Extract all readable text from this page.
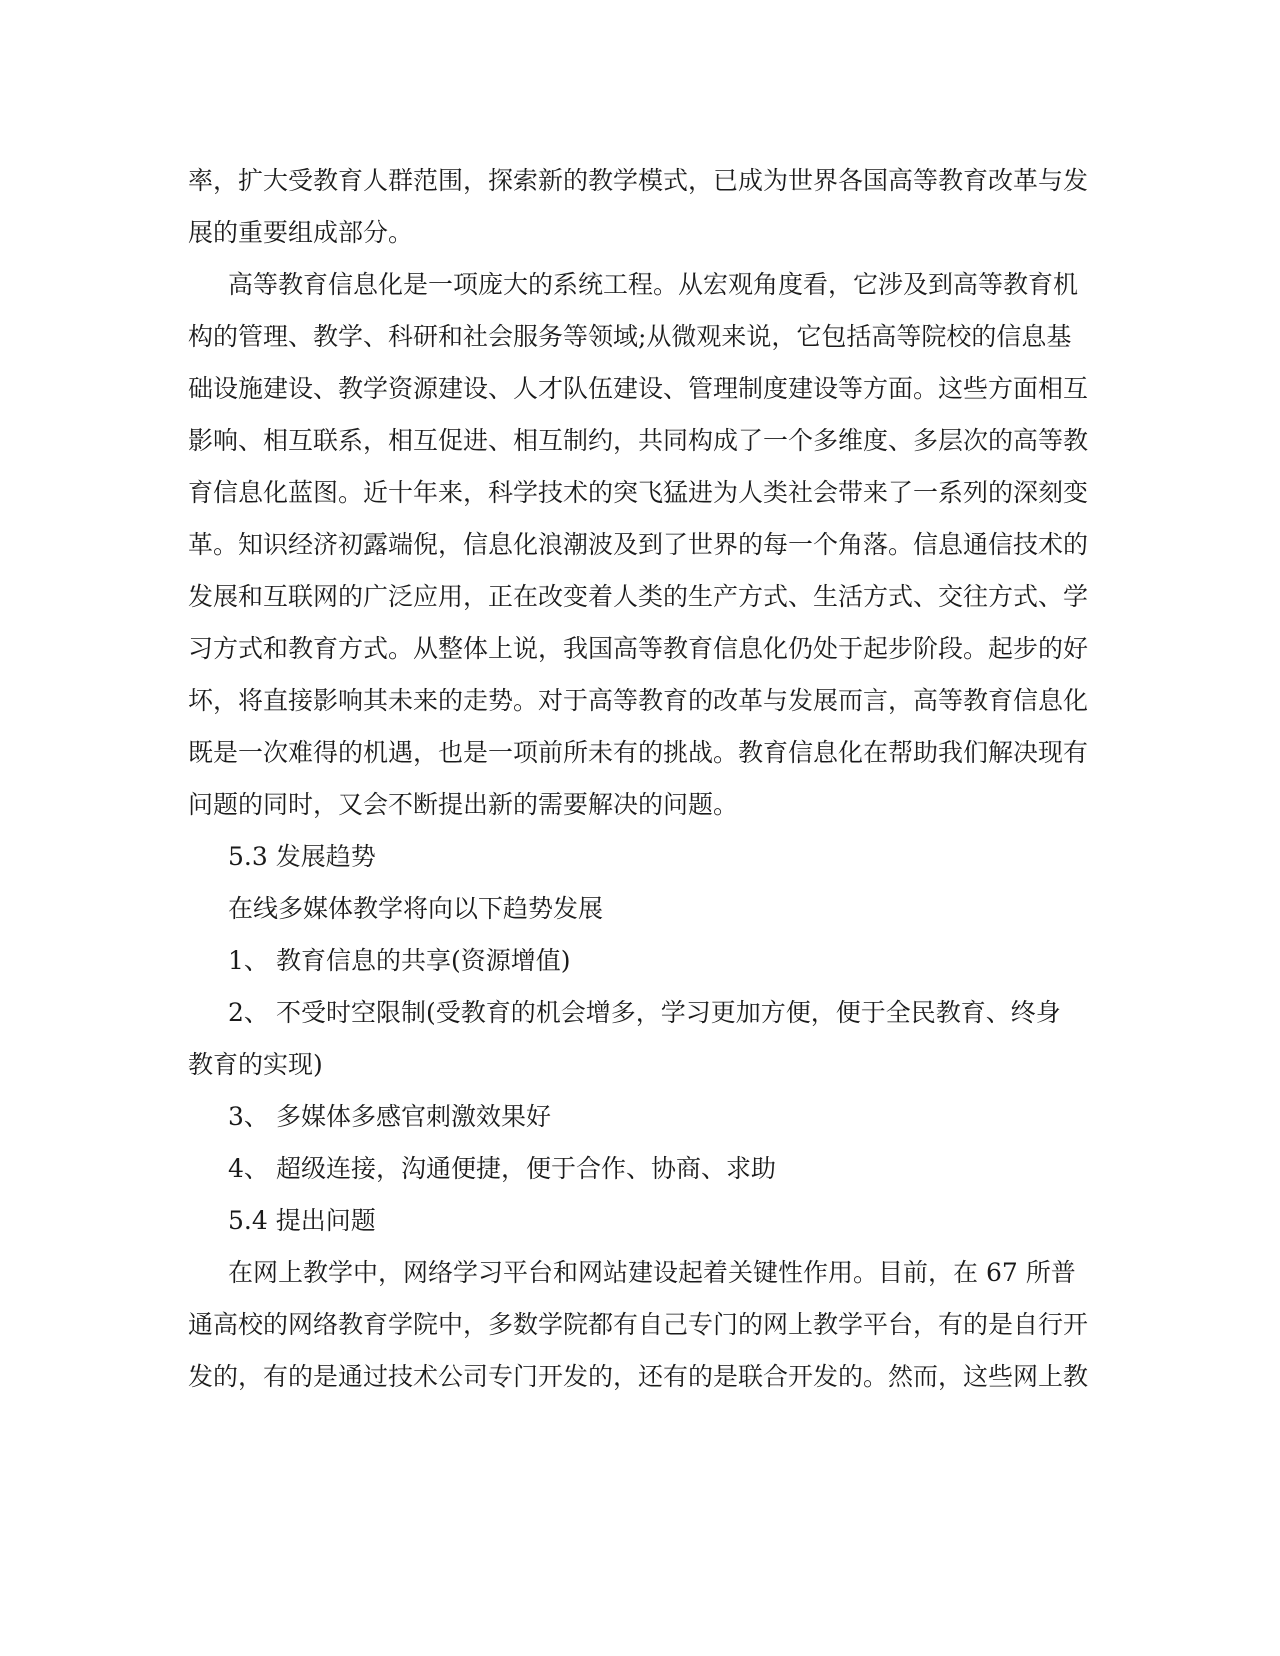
率，扩大受教育人群范围，探索新的教学模式，已成为世界各国高等教育改革与发

展的重要组成部分。

高等教育信息化是一项庞大的系统工程。从宏观角度看，它涉及到高等教育机

构的管理、教学、科研和社会服务等领域;从微观来说，它包括高等院校的信息基

础设施建设、教学资源建设、人才队伍建设、管理制度建设等方面。这些方面相互

影响、相互联系，相互促进、相互制约，共同构成了一个多维度、多层次的高等教

育信息化蓝图。近十年来，科学技术的突飞猛进为人类社会带来了一系列的深刻变

革。知识经济初露端倪，信息化浪潮波及到了世界的每一个角落。信息通信技术的

发展和互联网的广泛应用，正在改变着人类的生产方式、生活方式、交往方式、学

习方式和教育方式。从整体上说，我国高等教育信息化仍处于起步阶段。起步的好

坏，将直接影响其未来的走势。对于高等教育的改革与发展而言，高等教育信息化

既是一次难得的机遇，也是一项前所未有的挑战。教育信息化在帮助我们解决现有

问题的同时，又会不断提出新的需要解决的问题。

5.3 发展趋势

在线多媒体教学将向以下趋势发展

1、 教育信息的共享(资源增值)

2、 不受时空限制(受教育的机会增多，学习更加方便，便于全民教育、终身

教育的实现)

3、 多媒体多感官刺激效果好

4、 超级连接，沟通便捷，便于合作、协商、求助

5.4 提出问题

在网上教学中，网络学习平台和网站建设起着关键性作用。目前，在 67 所普

通高校的网络教育学院中，多数学院都有自己专门的网上教学平台，有的是自行开

发的，有的是通过技术公司专门开发的，还有的是联合开发的。然而，这些网上教
